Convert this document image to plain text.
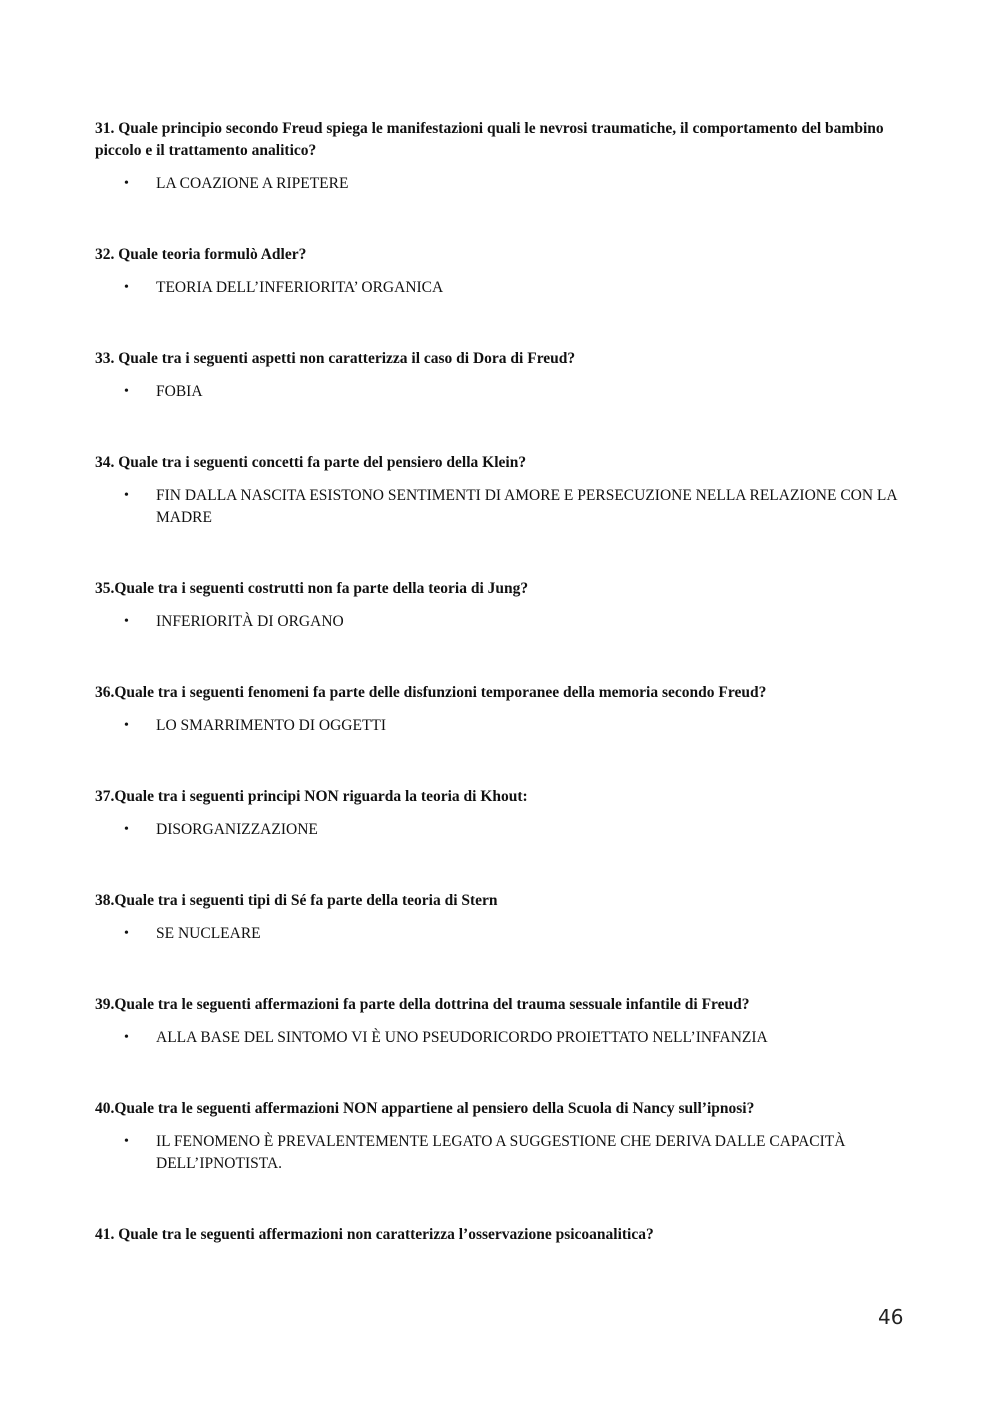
31. Quale principio secondo Freud spiega le manifestazioni quali le nevrosi traumatiche, il comportamento del bambino piccolo e il trattamento analitico?

• LA COAZIONE A RIPETERE

32. Quale teoria formulò Adler?

• TEORIA DELL’INFERIORITA’ ORGANICA

33. Quale tra i seguenti aspetti non caratterizza il caso di Dora di Freud?

• FOBIA

34. Quale tra i seguenti concetti fa parte del pensiero della Klein?

• FIN DALLA NASCITA ESISTONO SENTIMENTI DI AMORE E PERSECUZIONE NELLA RELAZIONE CON LA MADRE

35.Quale tra i seguenti costrutti non fa parte della teoria di Jung?

• INFERIORITÀ DI ORGANO

36.Quale tra i seguenti fenomeni fa parte delle disfunzioni temporanee della memoria secondo Freud?

• LO SMARRIMENTO DI OGGETTI

37.Quale tra i seguenti principi NON riguarda la teoria di Khout:

• DISORGANIZZAZIONE

38.Quale tra i seguenti tipi di Sé fa parte della teoria di Stern

• SE NUCLEARE

39.Quale tra le seguenti affermazioni fa parte della dottrina del trauma sessuale infantile di Freud?

• ALLA BASE DEL SINTOMO VI È UNO PSEUDORICORDO PROIETTATO NELL’INFANZIA

40.Quale tra le seguenti affermazioni NON appartiene al pensiero della Scuola di Nancy sull’ipnosi?

• IL FENOMENO È PREVALENTEMENTE LEGATO A SUGGESTIONE CHE DERIVA DALLE CAPACITÀ DELL’IPNOTISTA.

41. Quale tra le seguenti affermazioni non caratterizza l’osservazione psicoanalitica?

46
